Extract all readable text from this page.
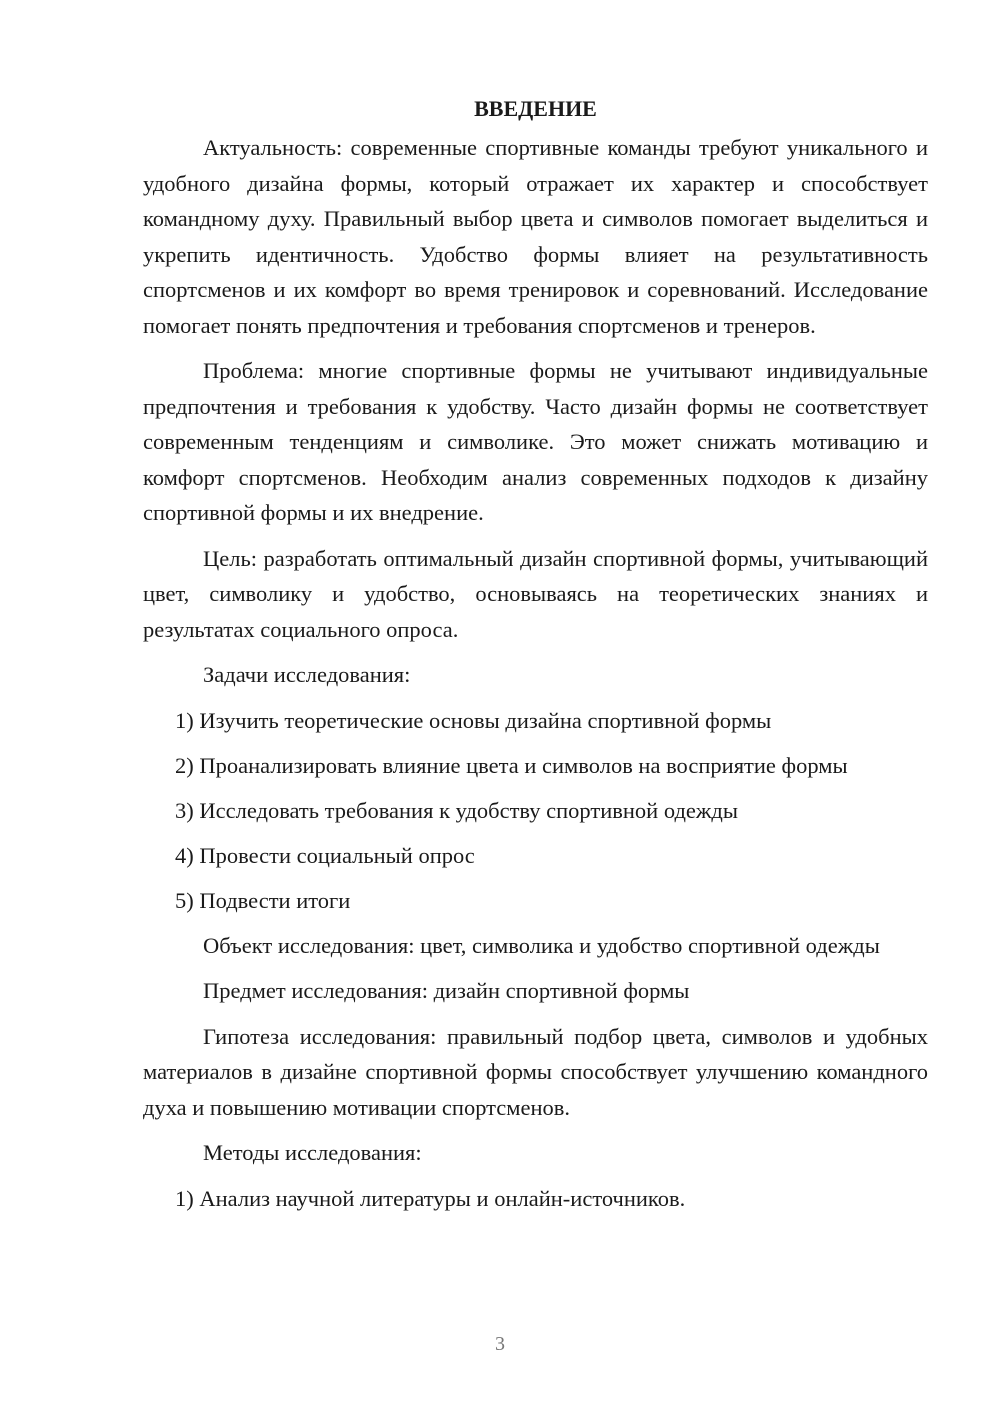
ВВЕДЕНИЕ

Актуальность: современные спортивные команды требуют уникального и удобного дизайна формы, который отражает их характер и способствует командному духу. Правильный выбор цвета и символов помогает выделиться и укрепить идентичность. Удобство формы влияет на результативность спортсменов и их комфорт во время тренировок и соревнований. Исследование помогает понять предпочтения и требования спортсменов и тренеров.

Проблема: многие спортивные формы не учитывают индивидуальные предпочтения и требования к удобству. Часто дизайн формы не соответствует современным тенденциям и символике. Это может снижать мотивацию и комфорт спортсменов. Необходим анализ современных подходов к дизайну спортивной формы и их внедрение.

Цель: разработать оптимальный дизайн спортивной формы, учитывающий цвет, символику и удобство, основываясь на теоретических знаниях и результатах социального опроса.

Задачи исследования:

1) Изучить теоретические основы дизайна спортивной формы
2) Проанализировать влияние цвета и символов на восприятие формы
3) Исследовать требования к удобству спортивной одежды
4) Провести социальный опрос
5) Подвести итоги

Объект исследования: цвет, символика и удобство спортивной одежды

Предмет исследования: дизайн спортивной формы

Гипотеза исследования: правильный подбор цвета, символов и удобных материалов в дизайне спортивной формы способствует улучшению командного духа и повышению мотивации спортсменов.

Методы исследования:

1) Анализ научной литературы и онлайн-источников.
3
